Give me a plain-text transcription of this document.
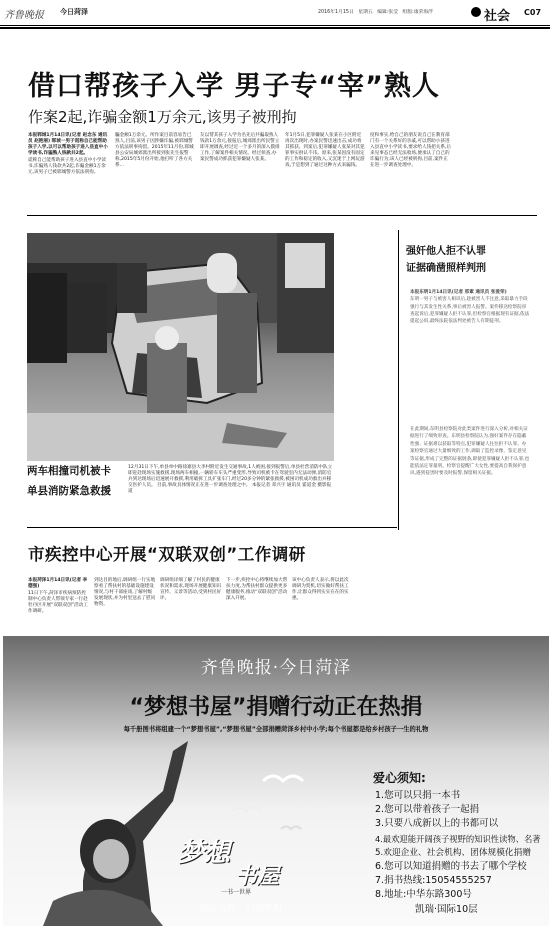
齐鲁晚报 今日菏泽	2016年1月15日 星期五 编辑:张莹 组版:康荣海浮	社会 C07
借口帮孩子入学 男子专“宰”熟人
作案2起,诈骗金额1万余元,该男子被刑拘

本报郓城1月14日讯(记者 赵念东 通讯员 赵艳丽) 郓城一男子谎称自己能帮助孩子入学,以可以帮助孩子进入县直中小学读书,诈骗熟人钱款共2起。

谎称自己能帮助孩子进入县直中小学读书,诈骗熟人钱款共2起,诈骗金额1万余元,该男子已被郓城警方依法刑拘。

騙金额1万余元。所作案目前容易告已熟人,目前,该男子因涉嫌诈骗,被郓城警方依法刑事拘留。2015年11月份,郓城县公安局城郊派出所接到张先生报警称,2015年5月份开始,他打听了各方关系...

友以帮其孩子入学为名先后共骗取熟人钱款1万余元,接报后,城郊派出所民警立即开展调查,经过近一个多月的深入摸排工作,了解案件相关情况。经过侦查,办案民警成功抓获犯罪嫌疑人张某。

年1月5日,犯罪嫌疑人张某在小区附近再次出现时,办案民警迅速出击,成功将其抓获。到案后,犯罪嫌疑人张某对其犯罪事实供认不讳。原来,张某因没有固定的工作和稳定的收入,又沉迷于上网玩游戏,于是想到了通过这种方式来骗钱。

度和事实,给自己的朋友说自己在教育部门有一个关系好的亲戚,可以帮助小孩进入县直中小学读书,要求给人钱把关系,后来见事态已经无法收场,便承认了自己的诈骗行为,该人已经被刑拘,目前,案件正在进一步调查处理中。

两车相撞司机被卡
单县消防紧急救援
12月31日下午,单县单中路徐寨县大李村附近发生交通事故,1人被困,接到报警后,单县杜营消防中队立即赶赴现场实施救援,现场两车相撞,一辆轿车车头严重变形,导致司机被卡在驾驶室内无法动弹,消防官兵到达现场后迅速展开救援,利用破拆工具扩张车门,经过20多分钟的紧张救援,被困司机成功救出并移交医护人员。 目前,事故具体情况正在进一步调查处理之中。 本报记者 邓兴宇 通讯员 霍道金 摄影报道
强奸他人拒不认罪
证据确凿照样判刑
本报东明1月14日讯(记者 邢素 通讯员 张爱荣)
东明一男子与被害人相识后,趁被害人不注意,采取暴力手段强行与其发生性关系,事后被害人报警。案件移送检察院审查起诉后,犯罪嫌疑人拒不认罪,但检察官根据现有证据,依法提起公诉,最终法院依法判处被告人有期徒刑。
在此期间,东明县检察院对此类案件进行深入分析,对相关证据进行了细致审查。东明县检察院认为,强奸案件存在隐蔽性强、证据难以获取等特点,犯罪嫌疑人往往拒不认罪。办案检察官通过大量细致的工作,调取了监控录像、鉴定意见等证据,形成了完整的证据链条,即使犯罪嫌疑人拒不认罪,也能依法定罪量刑。检察官提醒广大女性,要提高自我保护意识,遇到侵害时要及时报警,保留相关证据。
市疾控中心开展“双联双创”工作调研

本报菏泽1月14日讯(记者 李德强)

11日下午,菏泽市疾病预防控制中心负责人带领专家一行赴牡丹区开展“双联双创”活动工作调研。

到达目的地后,调研组一行实地察看了帮扶村的基础设施建设情况,与村干部座谈,了解村级发展现状,并为村里送去了慰问物资。
调研组详细了解了村民的健康状况和需求,现场开展健康知识宣传、义诊等活动,受到村民好评。
下一步,疾控中心将继续加大帮扶力度,为帮扶村群众提供更多健康服务,推动“双联双创”活动深入开展。
该中心负责人表示,将以此次调研为契机,切实做好帮扶工作,让群众得到实实在在的实惠。
齐鲁晚报·今日菏泽
“梦想书屋”捐赠行动正在热捐
每千册图书将组建一个“梦想书屋”,“梦想书屋”全部捐赠菏泽乡村中小学;每个书屋都是给乡村孩子一生的礼物
爱心须知:
1.您可以只捐一本书
2.您可以带着孩子一起捐
3.只要八成新以上的书都可以
4.最欢迎能开阔孩子视野的知识性读物、名著
5.欢迎企业、社会机构、团体规模化捐赠
6.您可以知道捐赠的书去了哪个学校
7.捐书热线:15054555257
8.地址:中华东路300号
凯瑞·国际10层
梦想
书屋
一书一世界
悦品书香 启迪梦想
